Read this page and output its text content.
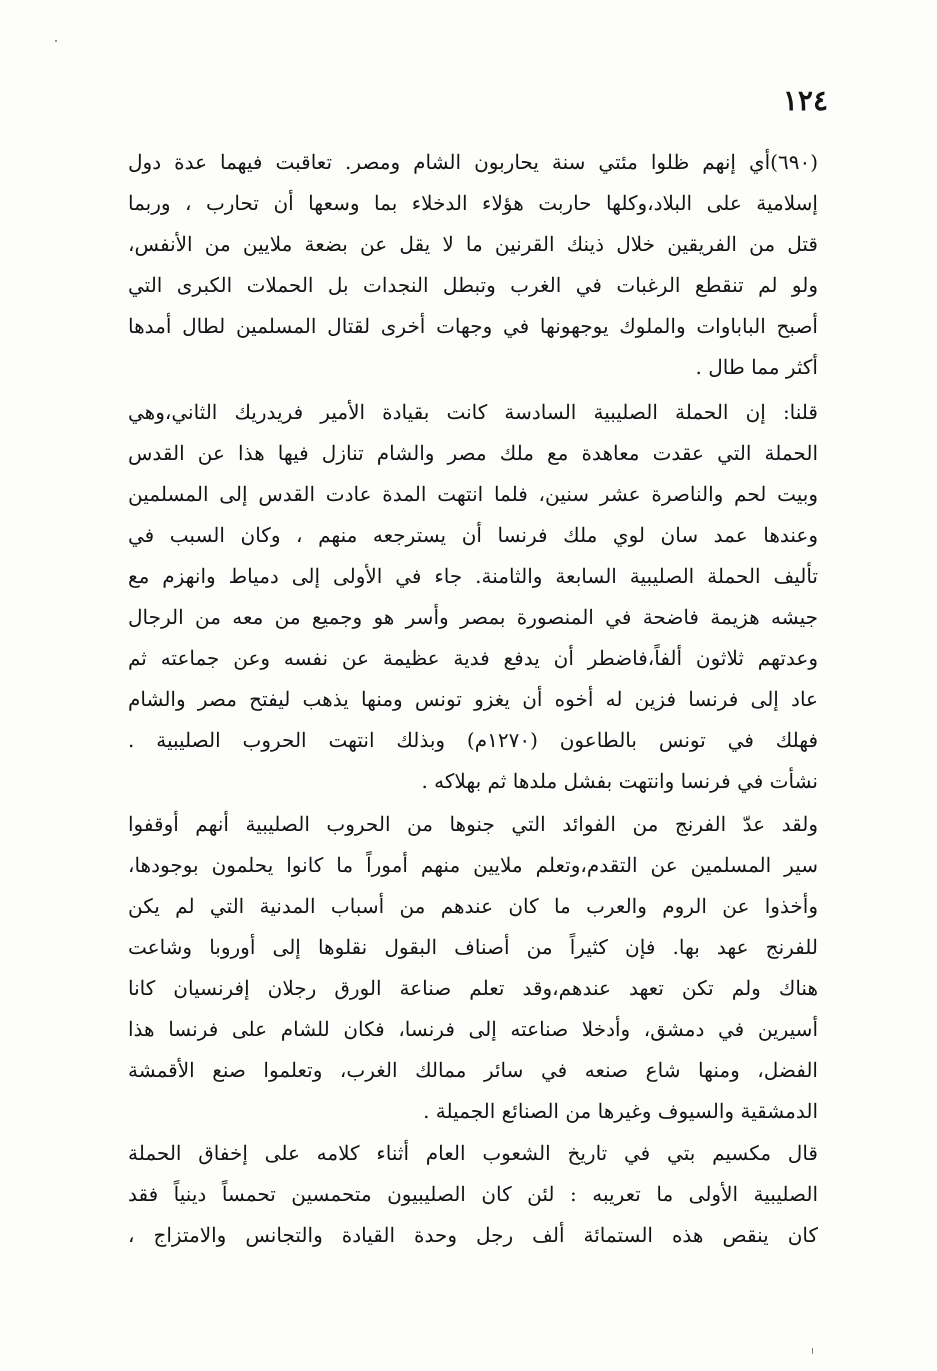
١٢٤
(٦٩٠)أي إنهم ظلوا مئتي سنة يحاربون الشام ومصر. تعاقبت فيهما عدة دول
إسلامية على البلاد،وكلها حاربت هؤلاء الدخلاء بما وسعها أن تحارب ، وربما
قتل من الفريقين خلال ذينك القرنين ما لا يقل عن بضعة ملايين من الأنفس،
ولو لم تنقطع الرغبات في الغرب وتبطل النجدات بل الحملات الكبرى التي
أصبح الباباوات والملوك يوجهونها في وجهات أخرى لقتال المسلمين لطال أمدها
أكثر مما طال .
قلنا: إن الحملة الصليبية السادسة كانت بقيادة الأمير فريدريك الثاني،وهي
الحملة التي عقدت معاهدة مع ملك مصر والشام تنازل فيها هذا عن القدس
وبيت لحم والناصرة عشر سنين، فلما انتهت المدة عادت القدس إلى المسلمين
وعندها عمد سان لوي ملك فرنسا أن يسترجعه منهم ، وكان السبب في
تأليف الحملة الصليبية السابعة والثامنة. جاء في الأولى إلى دمياط وانهزم مع
جيشه هزيمة فاضحة في المنصورة بمصر وأسر هو وجميع من معه من الرجال
وعدتهم ثلاثون ألفاً،فاضطر أن يدفع فدية عظيمة عن نفسه وعن جماعته ثم
عاد إلى فرنسا فزين له أخوه أن يغزو تونس ومنها يذهب ليفتح مصر والشام
فهلك في تونس بالطاعون (١٢٧٠م) وبذلك انتهت الحروب الصليبية .
نشأت في فرنسا وانتهت بفشل ملدها ثم بهلاكه .
ولقد عدّ الفرنج من الفوائد التي جنوها من الحروب الصليبية أنهم أوقفوا
سير المسلمين عن التقدم،وتعلم ملايين منهم أموراً ما كانوا يحلمون بوجودها،
وأخذوا عن الروم والعرب ما كان عندهم من أسباب المدنية التي لم يكن
للفرنج عهد بها. فإن كثيراً من أصناف البقول نقلوها إلى أوروبا وشاعت
هناك ولم تكن تعهد عندهم،وقد تعلم صناعة الورق رجلان إفرنسيان كانا
أسيرين في دمشق، وأدخلا صناعته إلى فرنسا، فكان للشام على فرنسا هذا
الفضل، ومنها شاع صنعه في سائر ممالك الغرب، وتعلموا صنع الأقمشة
الدمشقية والسيوف وغيرها من الصنائع الجميلة .
قال مكسيم بتي في تاريخ الشعوب العام أثناء كلامه على إخفاق الحملة
الصليبية الأولى ما تعريبه : لئن كان الصليبيون متحمسين تحمساً دينياً فقد
كان ينقص هذه الستمائة ألف رجل وحدة القيادة والتجانس والامتزاج ،
